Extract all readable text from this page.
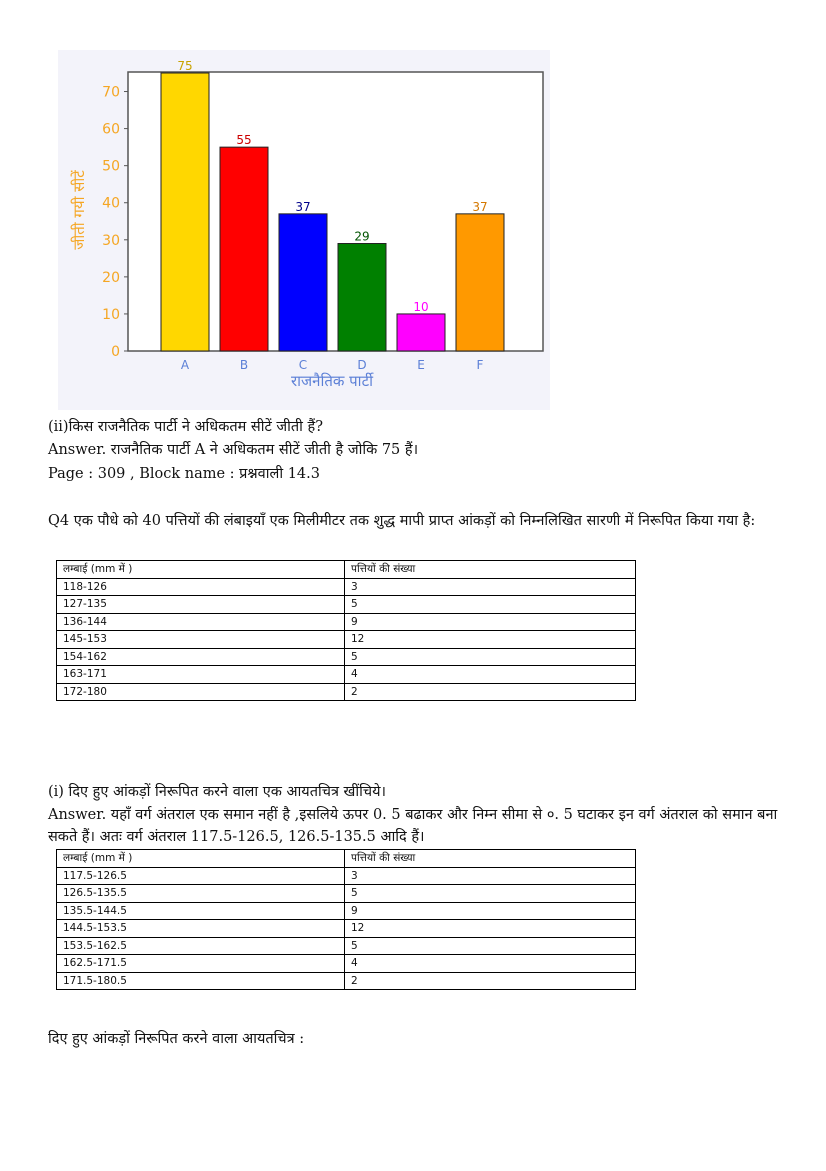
0
10
20
30
40
50
60
70
75
A
55
B
37
C
29
D
10
E
37
F
राजनैतिक पार्टी
जीती गयी सीटें
(ii)किस राजनैतिक पार्टी ने अधिकतम सीटें जीती हैं?
Answer. राजनैतिक पार्टी A ने अधिकतम सीटें जीती है जोकि 75 हैं।
Page : 309 , Block name : प्रश्नवाली 14.3
Q4 एक पौधे को 40 पत्तियों की लंबाइयाँ एक मिलीमीटर तक शुद्ध मापी प्राप्त आंकड़ों को निम्नलिखित सारणी में निरूपित किया गया है:
लम्बाई (mm में )	पत्तियों की संख्या
118-126	3
127-135	5
136-144	9
145-153	12
154-162	5
163-171	4
172-180	2
(i) दिए हुए आंकड़ों निरूपित करने वाला एक आयतचित्र खींचिये।
Answer. यहाँ वर्ग अंतराल एक समान नहीं है ,इसलिये ऊपर 0. 5 बढाकर और निम्न सीमा से ०. 5 घटाकर इन वर्ग अंतराल को समान बना सकते हैं। अतः वर्ग अंतराल 117.5-126.5, 126.5-135.5 आदि हैं।
लम्बाई (mm में )	पत्तियों की संख्या
117.5-126.5	3
126.5-135.5	5
135.5-144.5	9
144.5-153.5	12
153.5-162.5	5
162.5-171.5	4
171.5-180.5	2
दिए हुए आंकड़ों निरूपित करने वाला आयतचित्र :
